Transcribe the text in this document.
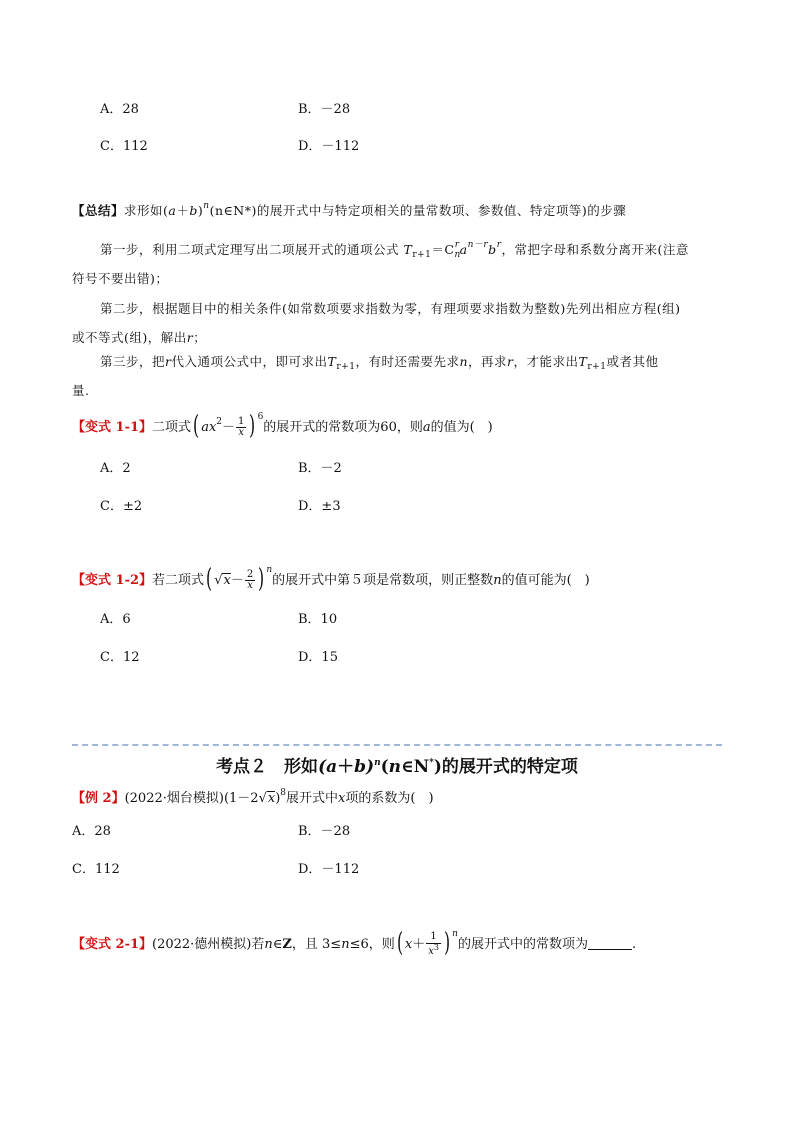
A．28	B．－28
C．112	D．－112
【总结】求形如$(a+b)^n(n\in N*)$的展开式中与特定项相关的量常数项、参数值、特定项等)的步骤
第一步，利用二项式定理写出二项展开式的通项公式 $T_{r+1}=C_n^ra^{n-r}b^r$，常把字母和系数分离开来(注意
符号不要出错)；
第二步，根据题目中的相关条件(如常数项要求指数为零，有理项要求指数为整数)先列出相应方程(组)
或不等式(组)，解出r；
第三步，把r代入通项公式中，即可求出$T_{r+1}$，有时还需要先求n，再求r，才能求出$T_{r+1}$或者其他
量.
【变式 1-1】二项式( $ax^2- \frac{1}{x}$ ) $^6$的展开式的常数项为60，则a的值为(　)
A．2	B．－2
C．±2	D．±3
【变式 1-2】若二项式( $√x- \frac{2}{x}$ ) $^n$的展开式中第５项是常数项，则正整数n的值可能为(　)
A．6	B．10
C．12	D．15
考点２　形如$(a+b)^n(n\in N^*)$的展开式的特定项
【例 2】(2022·烟台模拟)$(1-2√x)^8$展开式中x项的系数为(　)
A．28	B．－28
C．112	D．－112
【变式 2-1】(2022·德州模拟)若n∈Z，且 3≤n≤6，则( $x+ \frac{1}{x^3}$ ) $^n$的展开式中的常数项为	.
